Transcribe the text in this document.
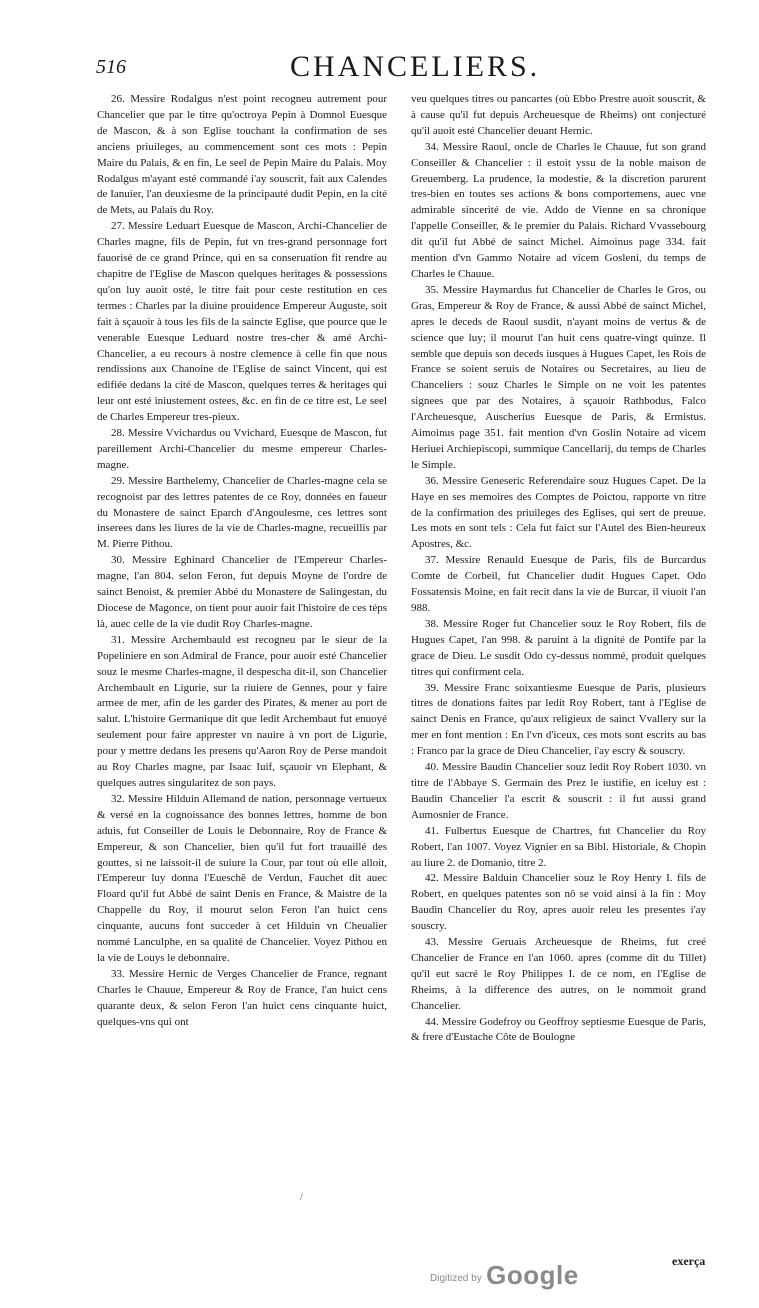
516	CHANCELIERS.

26. Messire Rodalgus n'est point recogneu autrement pour Chancelier que par le titre qu'octroya Pepin à Domnol Euesque de Mascon, & à son Eglise touchant la confirmation de ses anciens priuileges, au commencement sont ces mots : Pepin Maire du Palais, & en fin, Le seel de Pepin Maire du Palais. Moy Rodalgus m'ayant esté commandé i'ay souscrit, fait aux Calendes de Ianuier, l'an deuxiesme de la principauté dudit Pepin, en la cité de Mets, au Palais du Roy.

27. Messire Leduart Euesque de Mascon, Archi-Chancelier de Charles magne, fils de Pepin, fut vn tres-grand personnage fort fauorisé de ce grand Prince, qui en sa conseruation fit rendre au chapitre de l'Eglise de Mascon quelques heritages & possessions qu'on luy auoit osté, le titre fait pour ceste restitution en ces termes : Charles par la diuine prouidence Empereur Auguste, soit fait à sçauoir à tous les fils de la saincte Eglise, que pource que le venerable Euesque Leduard nostre tres-cher & amé Archi-Chancelier, a eu recours à nostre clemence à celle fin que nous rendissions aux Chanoine de l'Eglise de sainct Vincent, qui est edifiée dedans la cité de Mascon, quelques terres & heritages qui leur ont esté iniustement ostees, &c. en fin de ce titre est, Le seel de Charles Empereur tres-pieux.

28. Messire Vvichardus ou Vvichard, Euesque de Mascon, fut pareillement Archi-Chancelier du mesme empereur Charles-magne.

29. Messire Barthelemy, Chancelier de Charles-magne cela se recognoist par des lettres patentes de ce Roy, données en faueur du Monastere de sainct Eparch d'Angoulesme, ces lettres sont inserees dans les liures de la vie de Charles-magne, recueillis par M. Pierre Pithou.

30. Messire Eghinard Chancelier de l'Empereur Charles-magne, l'an 804. selon Feron, fut depuis Moyne de l'ordre de sainct Benoist, & premier Abbé du Monastere de Salingestan, du Diocese de Magonce, on tient pour auoir fait l'histoire de ces téps là, auec celle de la vie dudit Roy Charles-magne.

31. Messire Archembauld est recogneu par le sieur de la Popeliniere en son Admiral de France, pour auoir esté Chancelier souz le mesme Charles-magne, il despescha dit-il, son Chancelier Archembault en Ligurie, sur la riuiere de Gennes, pour y faire armee de mer, afin de les garder des Pirates, & mener au port de salut. L'histoire Germanique dit que ledit Archembaut fut enuoyé seulement pour faire apprester vn nauire à vn port de Ligurie, pour y mettre dedans les presens qu'Aaron Roy de Perse mandoit au Roy Charles magne, par Isaac Iuif, sçauoir vn Elephant, & quelques autres singularitez de son pays.

32. Messire Hilduin Allemand de nation, personnage vertueux & versé en la cognoissance des bonnes lettres, homme de bon aduis, fut Conseiller de Louis le Debonnaire, Roy de France & Empereur, & son Chancelier, bien qu'il fut fort trauaillé des gouttes, si ne laissoit-il de suiure la Cour, par tout où elle alloit, l'Empereur luy donna l'Eueschê de Verdun, Fauchet dit auec Floard qu'il fut Abbé de saint Denis en France, & Maistre de la Chappelle du Roy, il mourut selon Feron l'an huict cens cinquante, aucuns font succeder à cet Hilduin vn Cheualier nommé Lanculphe, en sa qualité de Chancelier. Voyez Pithou en la vie de Louys le debonnaire.

33. Messire Hernic de Verges Chancelier de France, regnant Charles le Chauue, Empereur & Roy de France, l'an huict cens quarante deux, & selon Feron l'an huict cens cinquante huict, quelques-vns qui ont

veu quelques titres ou pancartes (où Ebbo Prestre auoit souscrit, & à cause qu'il fut depuis Archeuesque de Rheims) ont conjecturé qu'il auoit esté Chancelier deuant Hernic.

34. Messire Raoul, oncle de Charles le Chauue, fut son grand Conseiller & Chancelier : il estoit yssu de la noble maison de Greuemberg. La prudence, la modestie, & la discretion parurent tres-bien en toutes ses actions & bons comportemens, auec vne admirable sincerité de vie. Addo de Vienne en sa chronique l'appelle Conseiller, & le premier du Palais. Richard Vvassebourg dit qu'il fut Abbé de sainct Michel. Aimoinus page 334. fait mention d'vn Gammo Notaire ad vicem Gosleni, du temps de Charles le Chauue.

35. Messire Haymardus fut Chancelier de Charles le Gros, ou Gras, Empereur & Roy de France, & aussi Abbé de sainct Michel, apres le deceds de Raoul susdit, n'ayant moins de vertus & de science que luy; il mourut l'an huit cens quatre-vingt quinze. Il semble que depuis son deceds iusques à Hugues Capet, les Rois de France se soient seruis de Notaires ou Secretaires, au lieu de Chanceliers : souz Charles le Simple on ne voit les patentes signees que par des Notaires, à sçauoir Rathbodus, Falco l'Archeuesque, Auscherius Euesque de Paris, & Ermistus. Aimoinus page 351. fait mention d'vn Goslin Notaire ad vicem Heriuei Archiepiscopi, summique Cancellarij, du temps de Charles le Simple.

36. Messire Geneseric Referendaire souz Hugues Capet. De la Haye en ses memoires des Comptes de Poictou, rapporte vn titre de la confirmation des priuileges des Eglises, qui sert de preuue. Les mots en sont tels : Cela fut faict sur l'Autel des Bien-heureux Apostres, &c.

37. Messire Renauld Euesque de Paris, fils de Burcardus Comte de Corbeil, fut Chancelier dudit Hugues Capet. Odo Fossatensis Moine, en fait recit dans la vie de Burcar, il viuoit l'an 988.

38. Messire Roger fut Chancelier souz le Roy Robert, fils de Hugues Capet, l'an 998. & paruint à la dignité de Pontife par la grace de Dieu. Le susdit Odo cy-dessus nommé, produit quelques titres qui confirment cela.

39. Messire Franc soixantiesme Euesque de Paris, plusieurs titres de donations faites par ledit Roy Robert, tant à l'Eglise de sainct Denis en France, qu'aux religieux de sainct Vvallery sur la mer en font mention : En l'vn d'iceux, ces mots sont escrits au bas : Franco par la grace de Dieu Chancelier, i'ay escry & souscry.

40. Messire Baudin Chancelier souz ledit Roy Robert 1030. vn titre de l'Abbaye S. Germain des Prez le iustifie, en iceluy est : Baudin Chancelier l'a escrit & souscrit : il fut aussi grand Aumosnier de France.

41. Fulbertus Euesque de Chartres, fut Chancelier du Roy Robert, l'an 1007. Voyez Vignier en sa Bibl. Historiale, & Chopin au liure 2. de Domanio, titre 2.

42. Messire Balduin Chancelier souz le Roy Henry I. fils de Robert, en quelques patentes son nō se void ainsi à la fin : Moy Baudin Chancelier du Roy, apres auoir releu les presentes i'ay souscry.

43. Messire Geruais Archeuesque de Rheims, fut creé Chancelier de France en l'an 1060. apres (comme dit du Tillet) qu'il eut sacré le Roy Philippes I. de ce nom, en l'Eglise de Rheims, à la difference des autres, on le nommoit grand Chancelier.

44. Messire Godefroy ou Geoffroy septiesme Euesque de Paris, & frere d'Eustache Côte de Boulogne

/
exerça
Digitized by Google
